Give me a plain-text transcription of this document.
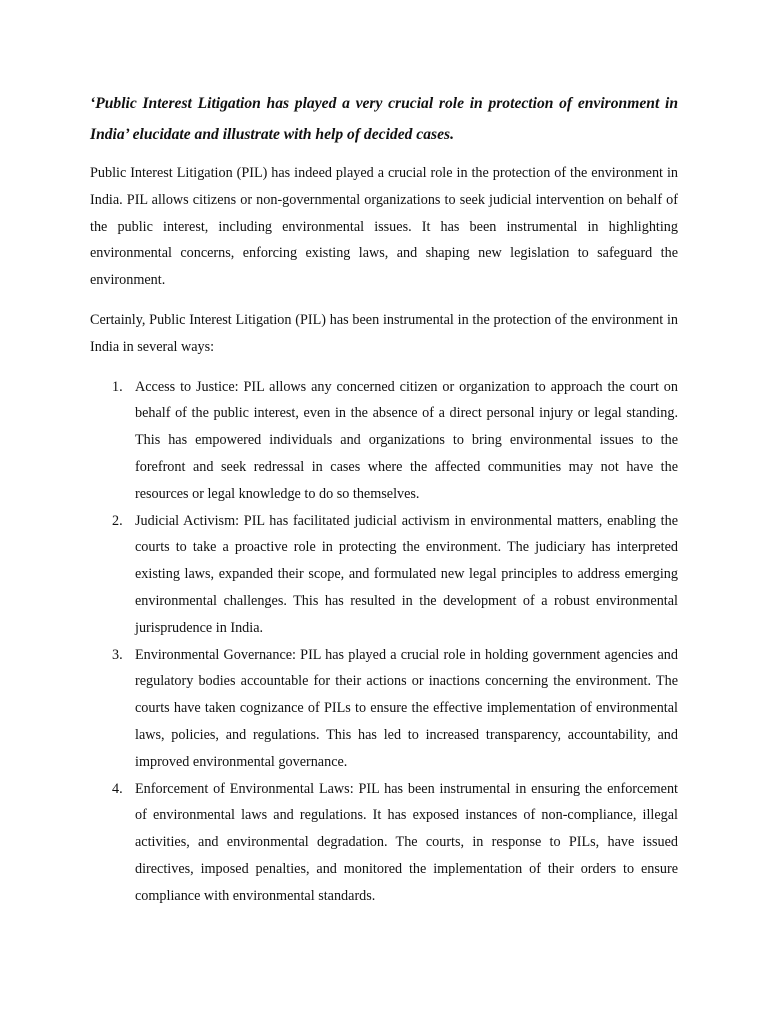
‘Public Interest Litigation has played a very crucial role in protection of environment in India’ elucidate and illustrate with help of decided cases.

Public Interest Litigation (PIL) has indeed played a crucial role in the protection of the environment in India. PIL allows citizens or non-governmental organizations to seek judicial intervention on behalf of the public interest, including environmental issues. It has been instrumental in highlighting environmental concerns, enforcing existing laws, and shaping new legislation to safeguard the environment.

Certainly, Public Interest Litigation (PIL) has been instrumental in the protection of the environment in India in several ways:

1. Access to Justice: PIL allows any concerned citizen or organization to approach the court on behalf of the public interest, even in the absence of a direct personal injury or legal standing. This has empowered individuals and organizations to bring environmental issues to the forefront and seek redressal in cases where the affected communities may not have the resources or legal knowledge to do so themselves.
2. Judicial Activism: PIL has facilitated judicial activism in environmental matters, enabling the courts to take a proactive role in protecting the environment. The judiciary has interpreted existing laws, expanded their scope, and formulated new legal principles to address emerging environmental challenges. This has resulted in the development of a robust environmental jurisprudence in India.
3. Environmental Governance: PIL has played a crucial role in holding government agencies and regulatory bodies accountable for their actions or inactions concerning the environment. The courts have taken cognizance of PILs to ensure the effective implementation of environmental laws, policies, and regulations. This has led to increased transparency, accountability, and improved environmental governance.
4. Enforcement of Environmental Laws: PIL has been instrumental in ensuring the enforcement of environmental laws and regulations. It has exposed instances of non-compliance, illegal activities, and environmental degradation. The courts, in response to PILs, have issued directives, imposed penalties, and monitored the implementation of their orders to ensure compliance with environmental standards.
